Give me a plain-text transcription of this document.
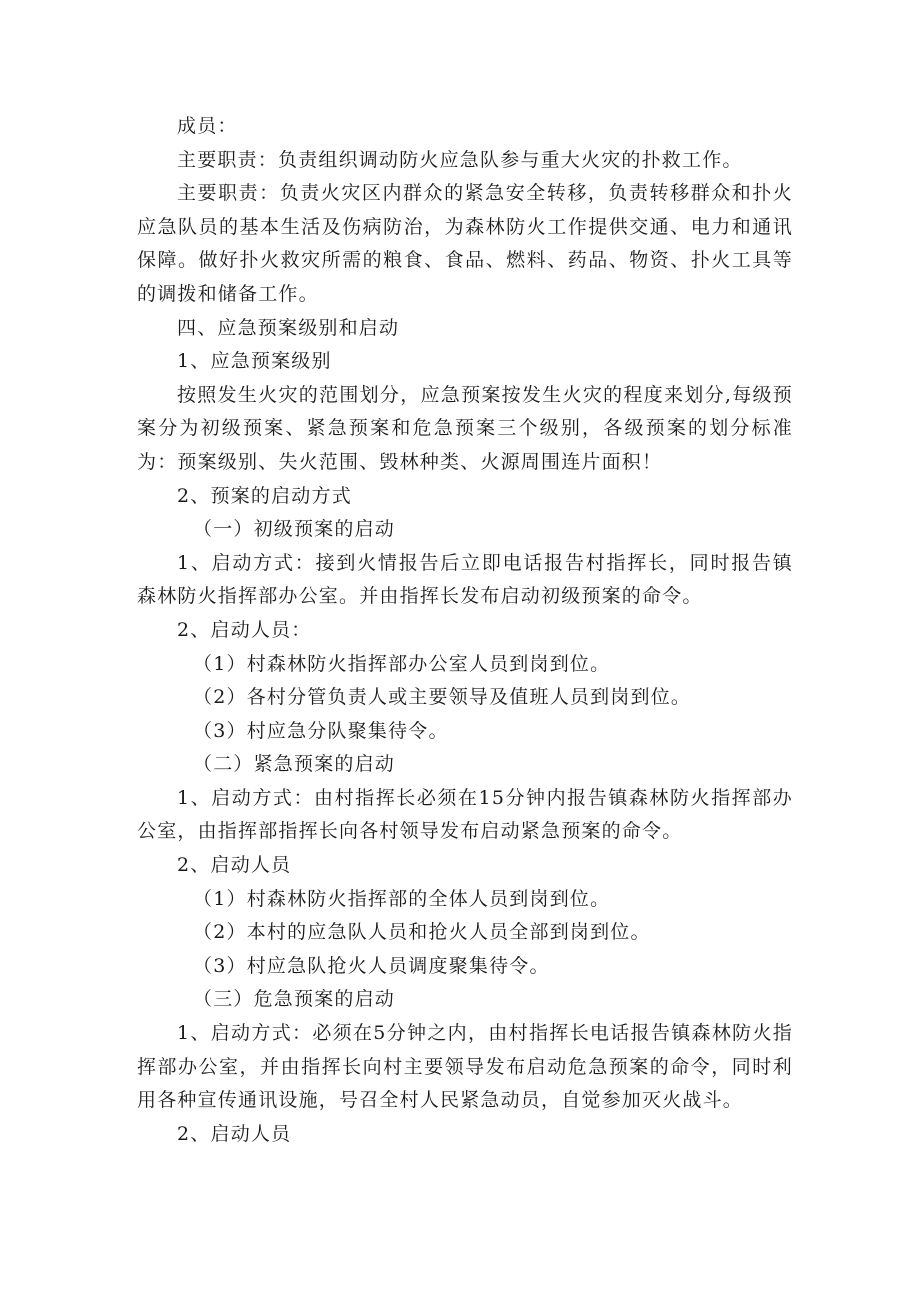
成员：

主要职责：负责组织调动防火应急队参与重大火灾的扑救工作。

主要职责：负责火灾区内群众的紧急安全转移，负责转移群众和扑火应急队员的基本生活及伤病防治，为森林防火工作提供交通、电力和通讯保障。做好扑火救灾所需的粮食、食品、燃料、药品、物资、扑火工具等的调拨和储备工作。

四、应急预案级别和启动

1、应急预案级别

按照发生火灾的范围划分，应急预案按发生火灾的程度来划分,每级预案分为初级预案、紧急预案和危急预案三个级别，各级预案的划分标准为：预案级别、失火范围、毁林种类、火源周围连片面积！

2、预案的启动方式

（一）初级预案的启动

1、启动方式：接到火情报告后立即电话报告村指挥长，同时报告镇森林防火指挥部办公室。并由指挥长发布启动初级预案的命令。

2、启动人员：

（1）村森林防火指挥部办公室人员到岗到位。

（2）各村分管负责人或主要领导及值班人员到岗到位。

（3）村应急分队聚集待令。

（二）紧急预案的启动

1、启动方式：由村指挥长必须在15分钟内报告镇森林防火指挥部办公室，由指挥部指挥长向各村领导发布启动紧急预案的命令。

2、启动人员

（1）村森林防火指挥部的全体人员到岗到位。

（2）本村的应急队人员和抢火人员全部到岗到位。

（3）村应急队抢火人员调度聚集待令。

（三）危急预案的启动

1、启动方式：必须在5分钟之内，由村指挥长电话报告镇森林防火指挥部办公室，并由指挥长向村主要领导发布启动危急预案的命令，同时利用各种宣传通讯设施，号召全村人民紧急动员，自觉参加灭火战斗。

2、启动人员
